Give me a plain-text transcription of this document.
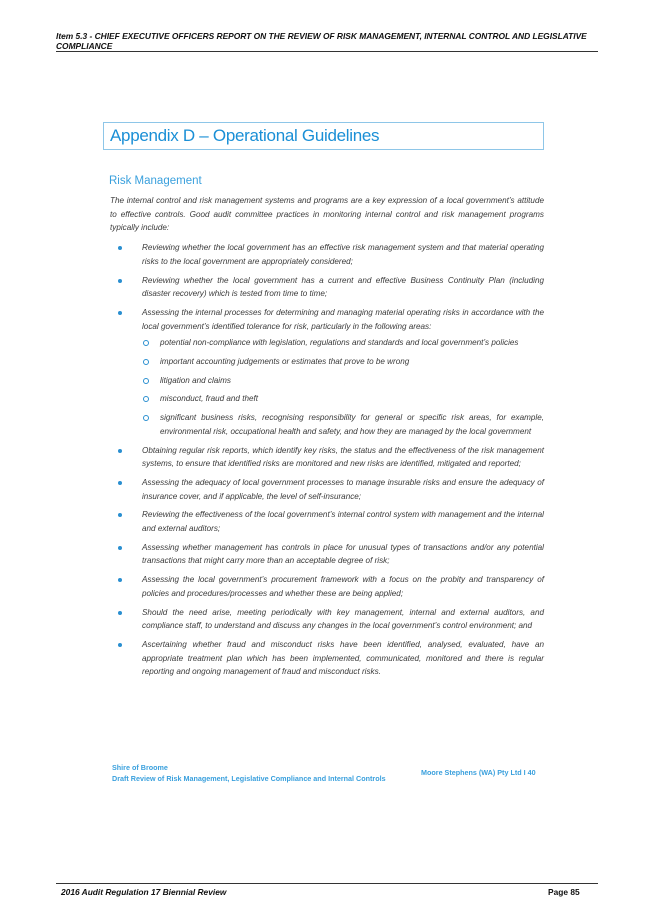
Item 5.3 - CHIEF EXECUTIVE OFFICERS REPORT ON THE REVIEW OF RISK MANAGEMENT, INTERNAL CONTROL AND LEGISLATIVE COMPLIANCE
Appendix D – Operational Guidelines
Risk Management

The internal control and risk management systems and programs are a key expression of a local government’s attitude to effective controls. Good audit committee practices in monitoring internal control and risk management programs typically include:

Reviewing whether the local government has an effective risk management system and that material operating risks to the local government are appropriately considered;
Reviewing whether the local government has a current and effective Business Continuity Plan (including disaster recovery) which is tested from time to time;
Assessing the internal processes for determining and managing material operating risks in accordance with the local government’s identified tolerance for risk, particularly in the following areas:
potential non-compliance with legislation, regulations and standards and local government’s policies
important accounting judgements or estimates that prove to be wrong
litigation and claims
misconduct, fraud and theft
significant business risks, recognising responsibility for general or specific risk areas, for example, environmental risk, occupational health and safety, and how they are managed by the local government
Obtaining regular risk reports, which identify key risks, the status and the effectiveness of the risk management systems, to ensure that identified risks are monitored and new risks are identified, mitigated and reported;
Assessing the adequacy of local government processes to manage insurable risks and ensure the adequacy of insurance cover, and if applicable, the level of self-insurance;
Reviewing the effectiveness of the local government’s internal control system with management and the internal and external auditors;
Assessing whether management has controls in place for unusual types of transactions and/or any potential transactions that might carry more than an acceptable degree of risk;
Assessing the local government’s procurement framework with a focus on the probity and transparency of policies and procedures/processes and whether these are being applied;
Should the need arise, meeting periodically with key management, internal and external auditors, and compliance staff, to understand and discuss any changes in the local government’s control environment; and
Ascertaining whether fraud and misconduct risks have been identified, analysed, evaluated, have an appropriate treatment plan which has been implemented, communicated, monitored and there is regular reporting and ongoing management of fraud and misconduct risks.
Shire of Broome
Draft Review of Risk Management, Legislative Compliance and Internal Controls
Moore Stephens (WA) Pty Ltd I 40
2016 Audit Regulation 17 Biennial Review	Page 85
